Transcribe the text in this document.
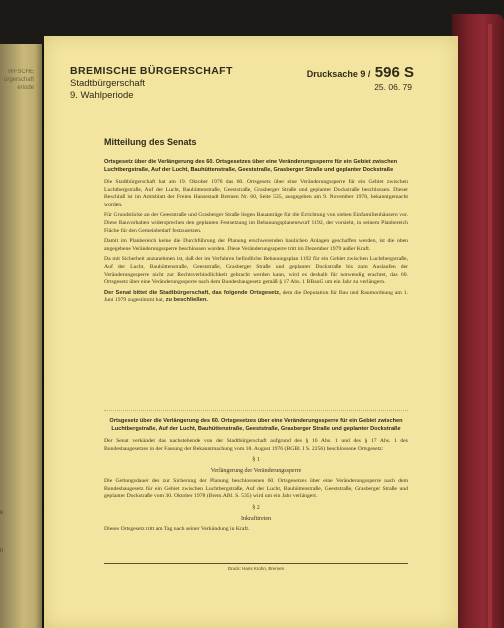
WFSCHE
ürgerschaft
eriode
e
n
BREMISCHE BÜRGERSCHAFT
Stadtbürgerschaft
9. Wahlperiode
Drucksache 9 / 596 S
25. 06. 79
Mitteilung des Senats
Ortsgesetz über die Verlängerung des 60. Ortsgesetzes über eine Veränderungssperre für ein Gebiet zwischen Luchtbergstraße, Auf der Lucht, Bauhüttenstraße, Geeststraße, Grasberger Straße und geplanter Dockstraße
Die Stadtbürgerschaft hat am 19. Oktober 1978 das 60. Ortsgesetz über eine Veränderungssperre für ein Gebiet zwischen Luchtbergstraße, Auf der Lucht, Bauhüttenstraße, Geeststraße, Grasberger Straße und geplanter Dockstraße beschlossen. Dieser Beschluß ist im Amtsblatt der Freien Hansestadt Bremen Nr. 60, Seite 535, ausgegeben am 9. November 1978, bekanntgemacht worden.
Für Grundstücke an der Geeststraße und Grasberger Straße liegen Bauanträge für die Errichtung von sieben Einfamilienhäusern vor. Diese Bauvorhaben widersprechen den geplanten Festsetzung im Bebauungsplanentwurf 1192, der vorsieht, in seinem Planbereich Fläche für den Gemeinbedarf festzusetzen.
Damit im Planbereich keine die Durchführung der Planung erschwerenden baulichen Anlagen geschaffen werden, ist die oben angegebene Veränderungssperre beschlossen worden. Diese Veränderungssperre tritt im Dezember 1979 außer Kraft.
Da mit Sicherheit anzunehmen ist, daß der im Verfahren befindliche Bebauungsplan 1192 für ein Gebiet zwischen Luchtbergstraße, Auf der Lucht, Bauhüttenstraße, Geeststraße, Grasberger Straße und geplanter Dockstraße bis zum Auslaufen der Veränderungssperre nicht zur Rechtsverbindlichkeit gebracht werden kann, wird es deshalb für notwendig erachtet, das 60. Ortsgesetz über eine Veränderungssperre nach dem Bundesbaugesetz gemäß § 17 Abs. 1 BBauG um ein Jahr zu verlängern.
Der Senat bittet die Stadtbürgerschaft, das folgende Ortsgesetz, dem die Deputation für Bau und Raumordnung am 1. Juni 1979 zugestimmt hat, zu beschließen.
Ortsgesetz über die Verlängerung des 60. Ortsgesetzes über eine Veränderungssperre für ein Gebiet zwischen Luchtbergstraße, Auf der Lucht, Bauhüttenstraße, Geeststraße, Grasberger Straße und geplanter Dockstraße
Der Senat verkündet das nachstehende von der Stadtbürgerschaft aufgrund des § 16 Abs. 1 und des § 17 Abs. 1 des Bundesbaugesetzes in der Fassung der Bekanntmachung vom 18. August 1976 (BGBl. I S. 2256) beschlossene Ortsgesetz:
§ 1
Verlängerung der Veränderungssperre
Die Geltungsdauer des zur Sicherung der Planung beschlossenen 60. Ortsgesetzes über eine Veränderungssperre nach dem Bundesbaugesetz für ein Gebiet zwischen Luchtbergstraße, Auf der Lucht, Bauhüttenstraße, Geeststraße, Grasberger Straße und geplanter Dockstraße vom 30. Oktober 1978 (Brem.ABl. S. 535) wird um ein Jahr verlängert.
§ 2
Inkrafttreten
Dieses Ortsgesetz tritt am Tag nach seiner Verkündung in Kraft.
Druck: Hans Krohn, Bremen
